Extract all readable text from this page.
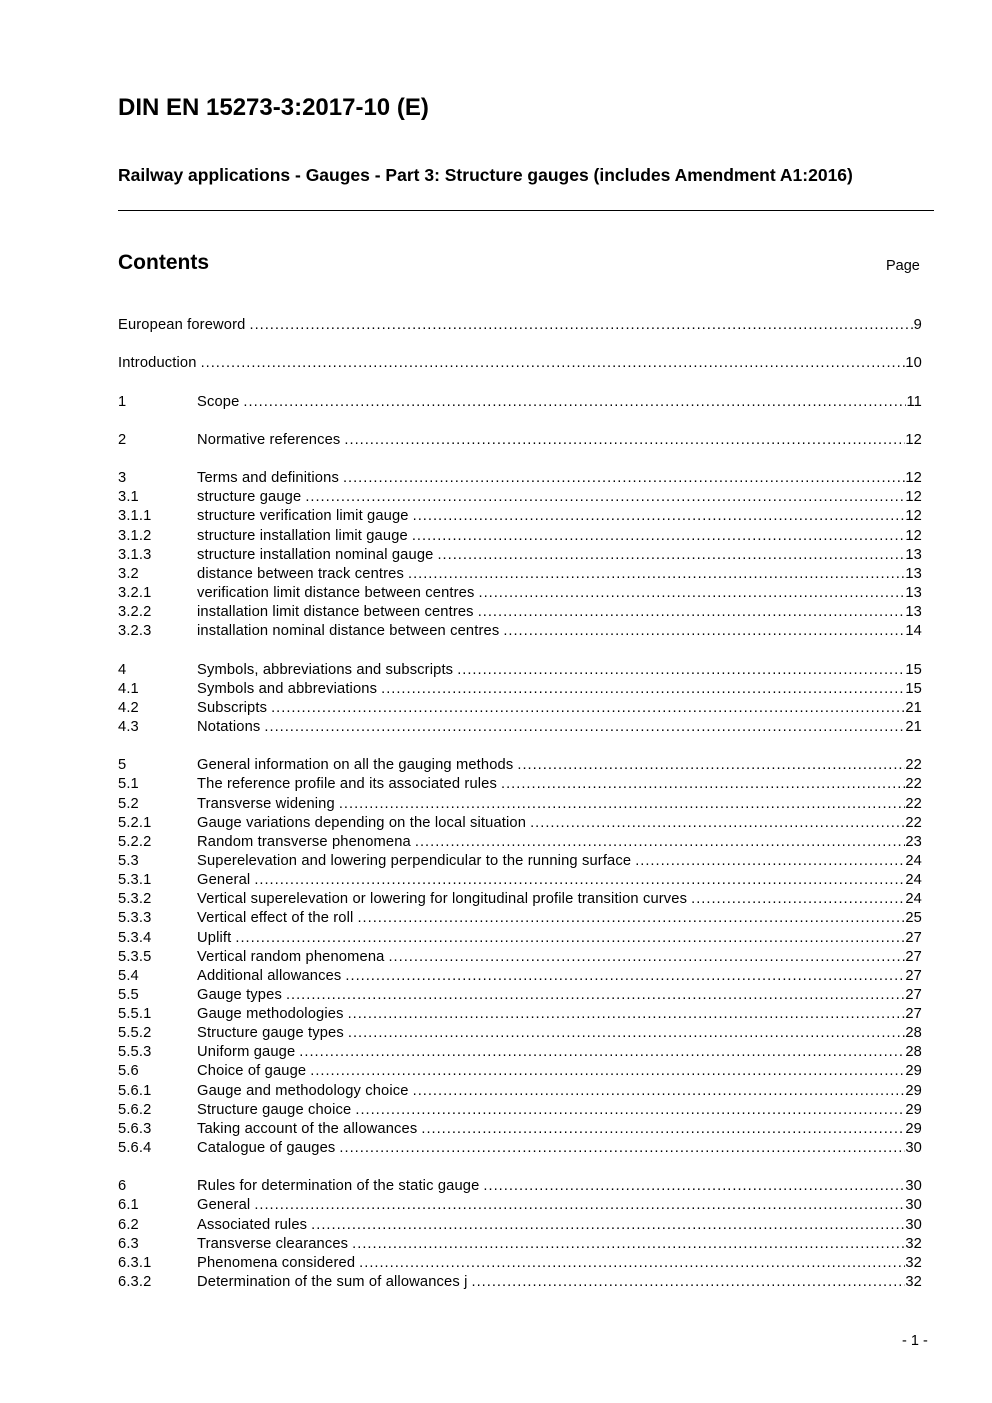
DIN EN 15273-3:2017-10 (E)
Railway applications - Gauges - Part 3: Structure gauges (includes Amendment A1:2016)
Contents	Page
European foreword .....	9
Introduction .....	10
1	Scope .....	11
2	Normative references .....	12
3	Terms and definitions .....	12
3.1	structure gauge .....	12
3.1.1	structure verification limit gauge .....	12
3.1.2	structure installation limit gauge .....	12
3.1.3	structure installation nominal gauge .....	13
3.2	distance between track centres .....	13
3.2.1	verification limit distance between centres .....	13
3.2.2	installation limit distance between centres .....	13
3.2.3	installation nominal distance between centres .....	14
4	Symbols, abbreviations and subscripts .....	15
4.1	Symbols and abbreviations .....	15
4.2	Subscripts .....	21
4.3	Notations .....	21
5	General information on all the gauging methods .....	22
5.1	The reference profile and its associated rules .....	22
5.2	Transverse widening .....	22
5.2.1	Gauge variations depending on the local situation .....	22
5.2.2	Random transverse phenomena .....	23
5.3	Superelevation and lowering perpendicular to the running surface .....	24
5.3.1	General .....	24
5.3.2	Vertical superelevation or lowering for longitudinal profile transition curves .....	24
5.3.3	Vertical effect of the roll .....	25
5.3.4	Uplift .....	27
5.3.5	Vertical random phenomena .....	27
5.4	Additional allowances .....	27
5.5	Gauge types .....	27
5.5.1	Gauge methodologies .....	27
5.5.2	Structure gauge types .....	28
5.5.3	Uniform gauge .....	28
5.6	Choice of gauge .....	29
5.6.1	Gauge and methodology choice .....	29
5.6.2	Structure gauge choice .....	29
5.6.3	Taking account of the allowances .....	29
5.6.4	Catalogue of gauges .....	30
6	Rules for determination of the static gauge .....	30
6.1	General .....	30
6.2	Associated rules .....	30
6.3	Transverse clearances .....	32
6.3.1	Phenomena considered .....	32
6.3.2	Determination of the sum of allowances j .....	32
- 1 -
